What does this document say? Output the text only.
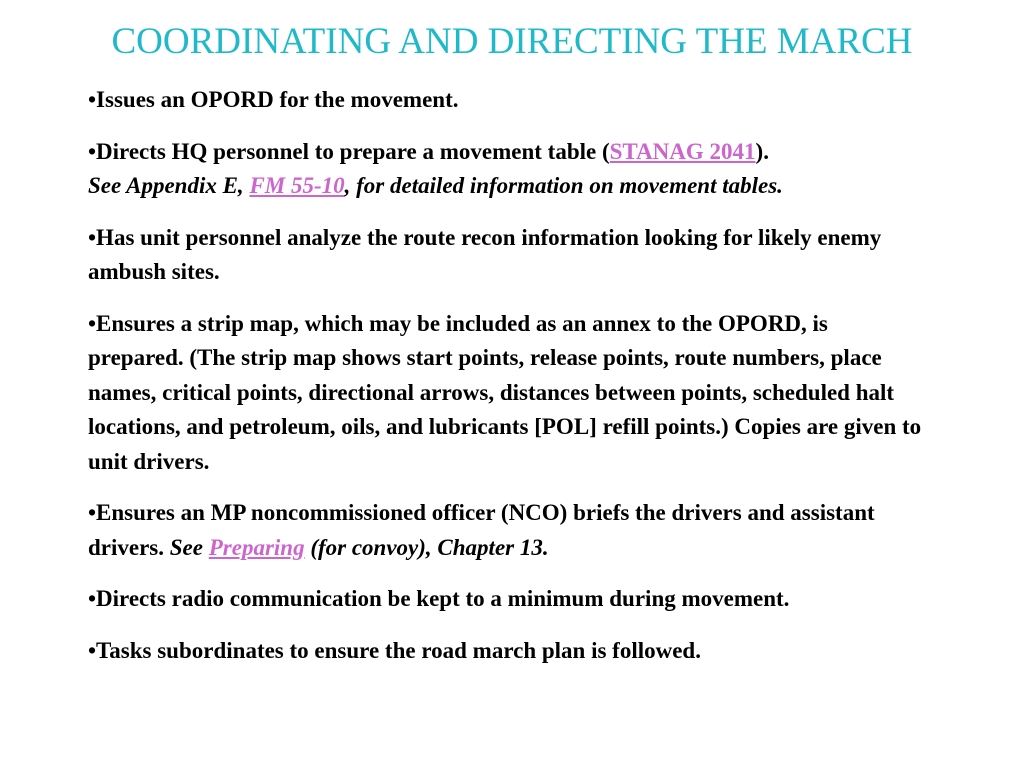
COORDINATING AND DIRECTING THE MARCH
•Issues an OPORD for the movement.
•Directs HQ personnel to prepare a movement table (STANAG 2041).
See Appendix E, FM 55-10, for detailed information on movement tables.
•Has unit personnel analyze the route recon information looking for likely enemy ambush sites.
•Ensures a strip map, which may be included as an annex to the OPORD, is prepared. (The strip map shows start points, release points, route numbers, place names, critical points, directional arrows, distances between points, scheduled halt locations, and petroleum, oils, and lubricants [POL] refill points.) Copies are given to unit drivers.
•Ensures an MP noncommissioned officer (NCO) briefs the drivers and assistant drivers. See Preparing (for convoy), Chapter 13.
•Directs radio communication be kept to a minimum during movement.
•Tasks subordinates to ensure the road march plan is followed.
